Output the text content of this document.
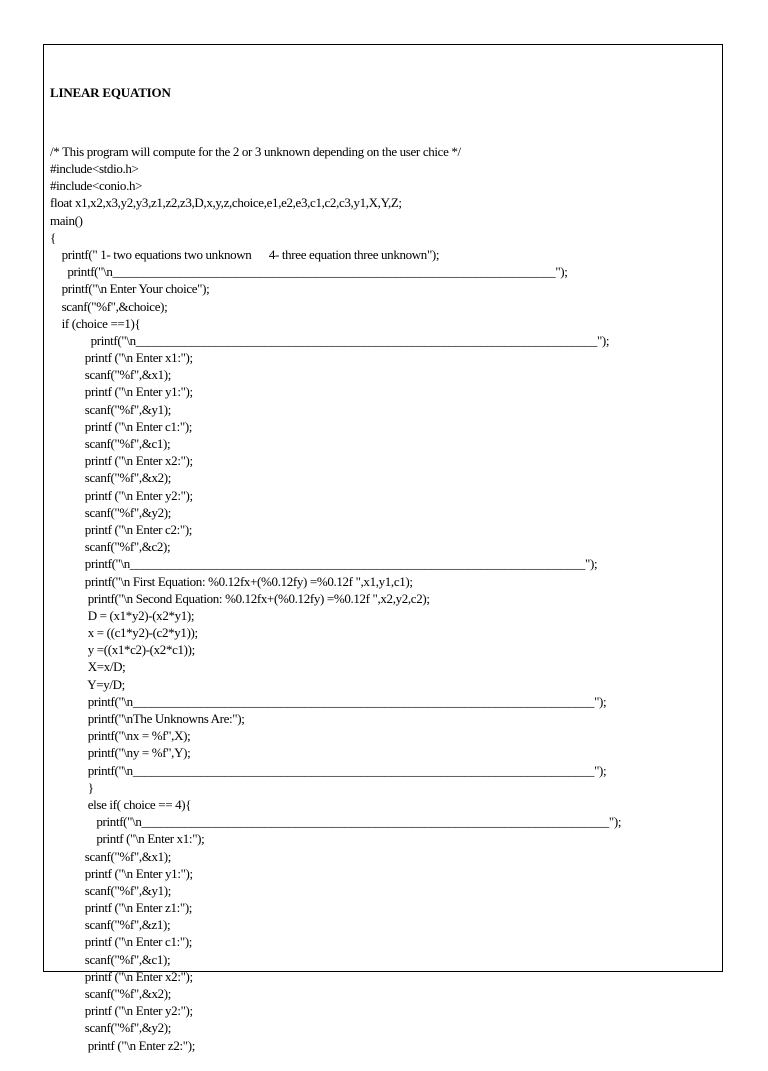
LINEAR EQUATION

/* This program will compute for the 2 or 3 unknown depending on the user chice */
#include<stdio.h>
#include<conio.h>
float x1,x2,x3,y2,y3,z1,z2,z3,D,x,y,z,choice,e1,e2,e3,c1,c2,c3,y1,X,Y,Z;
main()
{
printf(" 1- two equations two unknown      4- three equation three unknown");
printf("\n________________________________________________________________________");
printf("\n Enter Your choice");
scanf("%f",&choice);
if (choice ==1){
printf("\n___________________________________________________________________________");
printf ("\n Enter x1:");
scanf("%f",&x1);
printf ("\n Enter y1:");
scanf("%f",&y1);
printf ("\n Enter c1:");
scanf("%f",&c1);
printf ("\n Enter x2:");
scanf("%f",&x2);
printf ("\n Enter y2:");
scanf("%f",&y2);
printf ("\n Enter c2:");
scanf("%f",&c2);
printf("\n__________________________________________________________________________");
printf("\n First Equation: %0.12fx+(%0.12fy) =%0.12f ",x1,y1,c1);
printf("\n Second Equation: %0.12fx+(%0.12fy) =%0.12f ",x2,y2,c2);
D = (x1*y2)-(x2*y1);
x = ((c1*y2)-(c2*y1));
y =((x1*c2)-(x2*c1));
X=x/D;
Y=y/D;
printf("\n___________________________________________________________________________");
printf("\nThe Unknowns Are:");
printf("\nx = %f",X);
printf("\ny = %f",Y);
printf("\n___________________________________________________________________________");
}
else if( choice == 4){
printf("\n____________________________________________________________________________");
printf ("\n Enter x1:");
scanf("%f",&x1);
printf ("\n Enter y1:");
scanf("%f",&y1);
printf ("\n Enter z1:");
scanf("%f",&z1);
printf ("\n Enter c1:");
scanf("%f",&c1);
printf ("\n Enter x2:");
scanf("%f",&x2);
printf ("\n Enter y2:");
scanf("%f",&y2);
printf ("\n Enter z2:");
